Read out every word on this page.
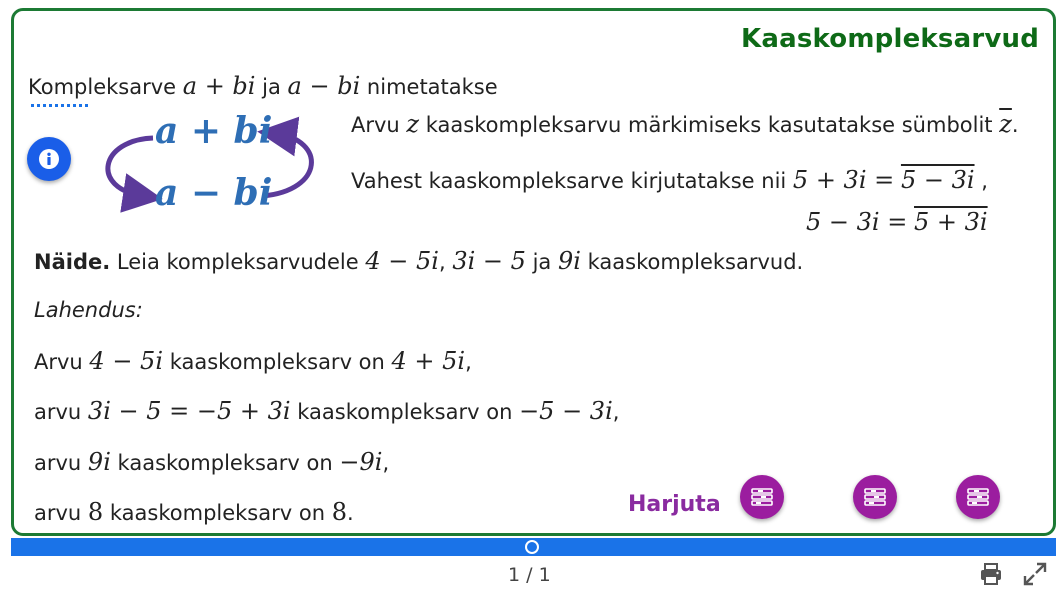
Kaaskompleksarvud
Kompleksarve a + bi ja a − bi nimetatakse
a + bi
a − bi
Arvu z kaaskompleksarvu märkimiseks kasutatakse sümbolit $\overline{z}$.
Vahest kaaskompleksarve kirjutatakse nii 5 + 3i = 5 − 3i ,
5 − 3i = 5 + 3i
Näide. Leia kompleksarvudele 4 − 5i, 3i − 5 ja 9i kaaskompleksarvud.
Lahendus:
Arvu 4 − 5i kaaskompleksarv on 4 + 5i,
arvu 3i − 5 = −5 + 3i kaaskompleksarv on −5 − 3i,
arvu 9i kaaskompleksarv on −9i,
arvu 8 kaaskompleksarv on 8.	Harjuta
1 / 1
